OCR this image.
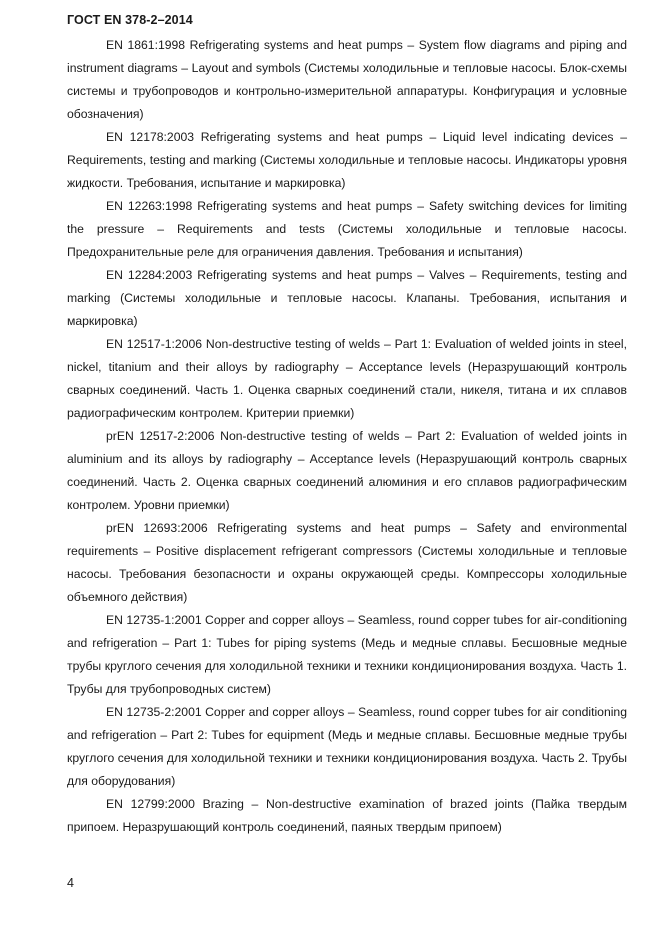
ГОСТ EN 378-2–2014

EN 1861:1998 Refrigerating systems and heat pumps – System flow diagrams and piping and instrument diagrams – Layout and symbols (Системы холодильные и тепловые насосы. Блок-схемы системы и трубопроводов и контрольно-измерительной аппаратуры. Конфигурация и условные обозначения)

EN 12178:2003 Refrigerating systems and heat pumps – Liquid level indicating devices – Requirements, testing and marking (Системы холодильные и тепловые насосы. Индикаторы уровня жидкости. Требования, испытание и маркировка)

EN 12263:1998 Refrigerating systems and heat pumps – Safety switching devices for limiting the pressure – Requirements and tests (Системы холодильные и тепловые насосы. Предохранительные реле для ограничения давления. Требования и испытания)

EN 12284:2003 Refrigerating systems and heat pumps – Valves – Requirements, testing and marking (Системы холодильные и тепловые насосы. Клапаны. Требования, испытания и маркировка)

EN 12517-1:2006 Non-destructive testing of welds – Part 1: Evaluation of welded joints in steel, nickel, titanium and their alloys by radiography – Acceptance levels (Неразрушающий контроль сварных соединений. Часть 1. Оценка сварных соединений стали, никеля, титана и их сплавов радиографическим контролем. Критерии приемки)

prEN 12517-2:2006 Non-destructive testing of welds – Part 2: Evaluation of welded joints in aluminium and its alloys by radiography – Acceptance levels (Неразрушающий контроль сварных соединений. Часть 2. Оценка сварных соединений алюминия и его сплавов радиографическим контролем. Уровни приемки)

prEN 12693:2006 Refrigerating systems and heat pumps – Safety and environmental requirements – Positive displacement refrigerant compressors (Системы холодильные и тепловые насосы. Требования безопасности и охраны окружающей среды. Компрессоры холодильные объемного действия)

EN 12735-1:2001 Copper and copper alloys – Seamless, round copper tubes for air-conditioning and refrigeration – Part 1: Tubes for piping systems (Медь и медные сплавы. Бесшовные медные трубы круглого сечения для холодильной техники и техники кондиционирования воздуха. Часть 1. Трубы для трубопроводных систем)

EN 12735-2:2001 Copper and copper alloys – Seamless, round copper tubes for air conditioning and refrigeration – Part 2: Tubes for equipment (Медь и медные сплавы. Бесшовные медные трубы круглого сечения для холодильной техники и техники кондиционирования воздуха. Часть 2. Трубы для оборудования)

EN 12799:2000 Brazing – Non-destructive examination of brazed joints (Пайка твердым припоем. Неразрушающий контроль соединений, паяных твердым припоем)

4
